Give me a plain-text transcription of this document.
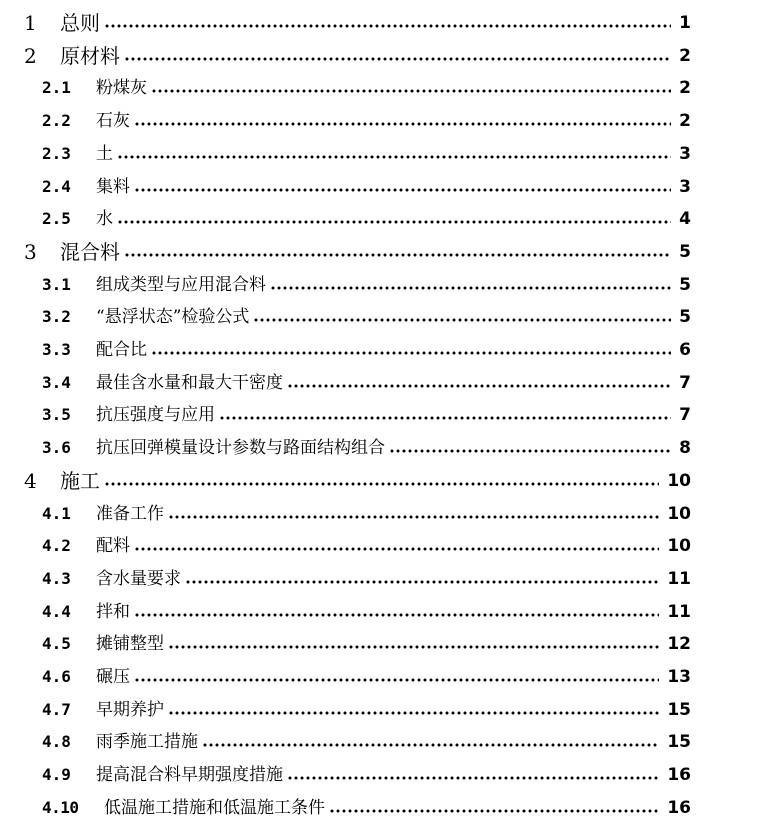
1 总则	1
2 原材料	2
2.1 粉煤灰	2
2.2 石灰	2
2.3 土	3
2.4 集料	3
2.5 水	4
3 混合料	5
3.1 组成类型与应用混合料	5
3.2 “悬浮状态”检验公式	5
3.3 配合比	6
3.4 最佳含水量和最大干密度	7
3.5 抗压强度与应用	7
3.6 抗压回弹模量设计参数与路面结构组合	8
4 施工	10
4.1 准备工作	10
4.2 配料	10
4.3 含水量要求	11
4.4 拌和	11
4.5 摊铺整型	12
4.6 碾压	13
4.7 早期养护	15
4.8 雨季施工措施	15
4.9 提高混合料早期强度措施	16
4.10 低温施工措施和低温施工条件	16
